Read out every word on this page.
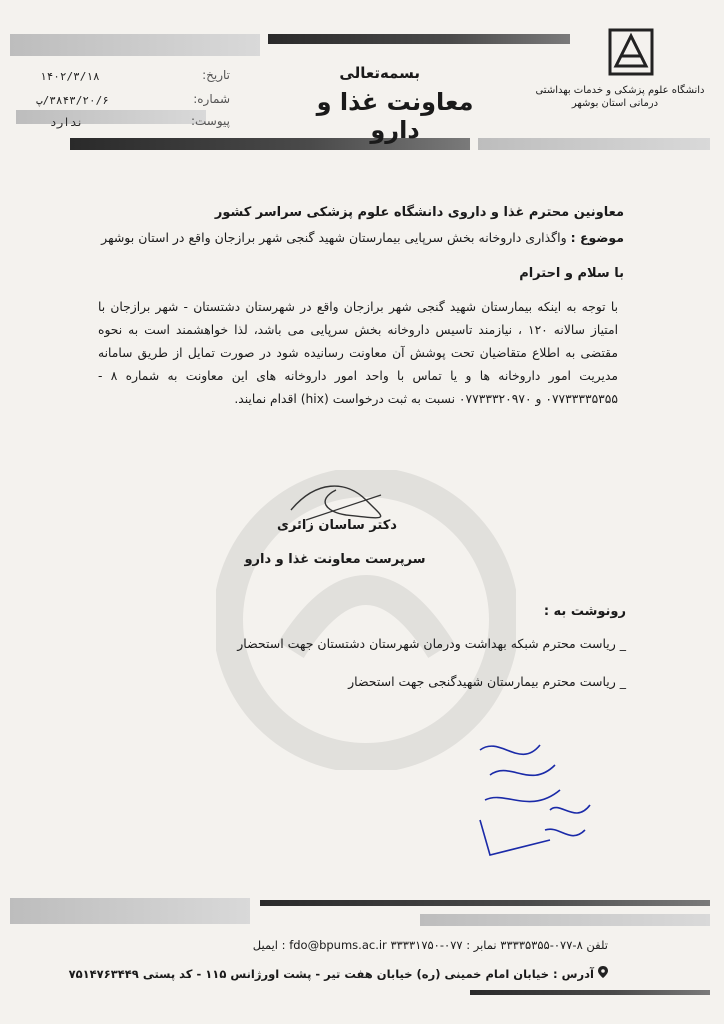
دانشگاه علوم پزشکی و خدمات بهداشتی
درمانی استان بوشهر
بسمه‌تعالی
معاونت غذا و دارو
تاریخ:
۱۴۰۲/۳/۱۸
شماره:
۳۸۴۳/۲۰/۶/پ
پیوست:
ندارد
معاونین محترم غذا و داروی دانشگاه علوم پزشکی سراسر کشور
موضوع : واگذاری داروخانه بخش سرپایی بیمارستان شهید گنجی شهر برازجان واقع در استان بوشهر
با سلام و احترام
با توجه به اینکه بیمارستان شهید گنجی شهر برازجان واقع در شهرستان دشتستان - شهر برازجان با امتیاز سالانه ۱۲۰ ، نیازمند تاسیس داروخانه بخش سرپایی می باشد، لذا خواهشمند است به نحوه مقتضی به اطلاع متقاضیان تحت پوشش آن معاونت رسانیده شود در صورت تمایل از طریق سامانه مدیریت امور داروخانه ها و یا تماس با واحد امور داروخانه های این معاونت به شماره ۸ - ۰۷۷۳۳۳۳۵۳۵۵ و ۰۷۷۳۳۳۲۰۹۷۰ نسبت به ثبت درخواست (hix) اقدام نمایند.
دکتر ساسان زائری
سرپرست معاونت غذا و دارو
رونوشت به :
_ ریاست محترم شبکه بهداشت ودرمان شهرستان دشتستان جهت استحضار
_ ریاست محترم بیمارستان شهیدگنجی جهت استحضار
تلفن ۸-۰۷۷-۳۳۳۳۵۳۵۵ نمابر : ۰۷۷-۳۳۳۳۱۷۵۰ fdo@bpums.ac.ir : ایمیل
آدرس : خیابان امام خمینی (ره) خیابان هفت تیر - پشت اورژانس ۱۱۵ - کد پستی ۷۵۱۴۷۶۳۴۴۹
